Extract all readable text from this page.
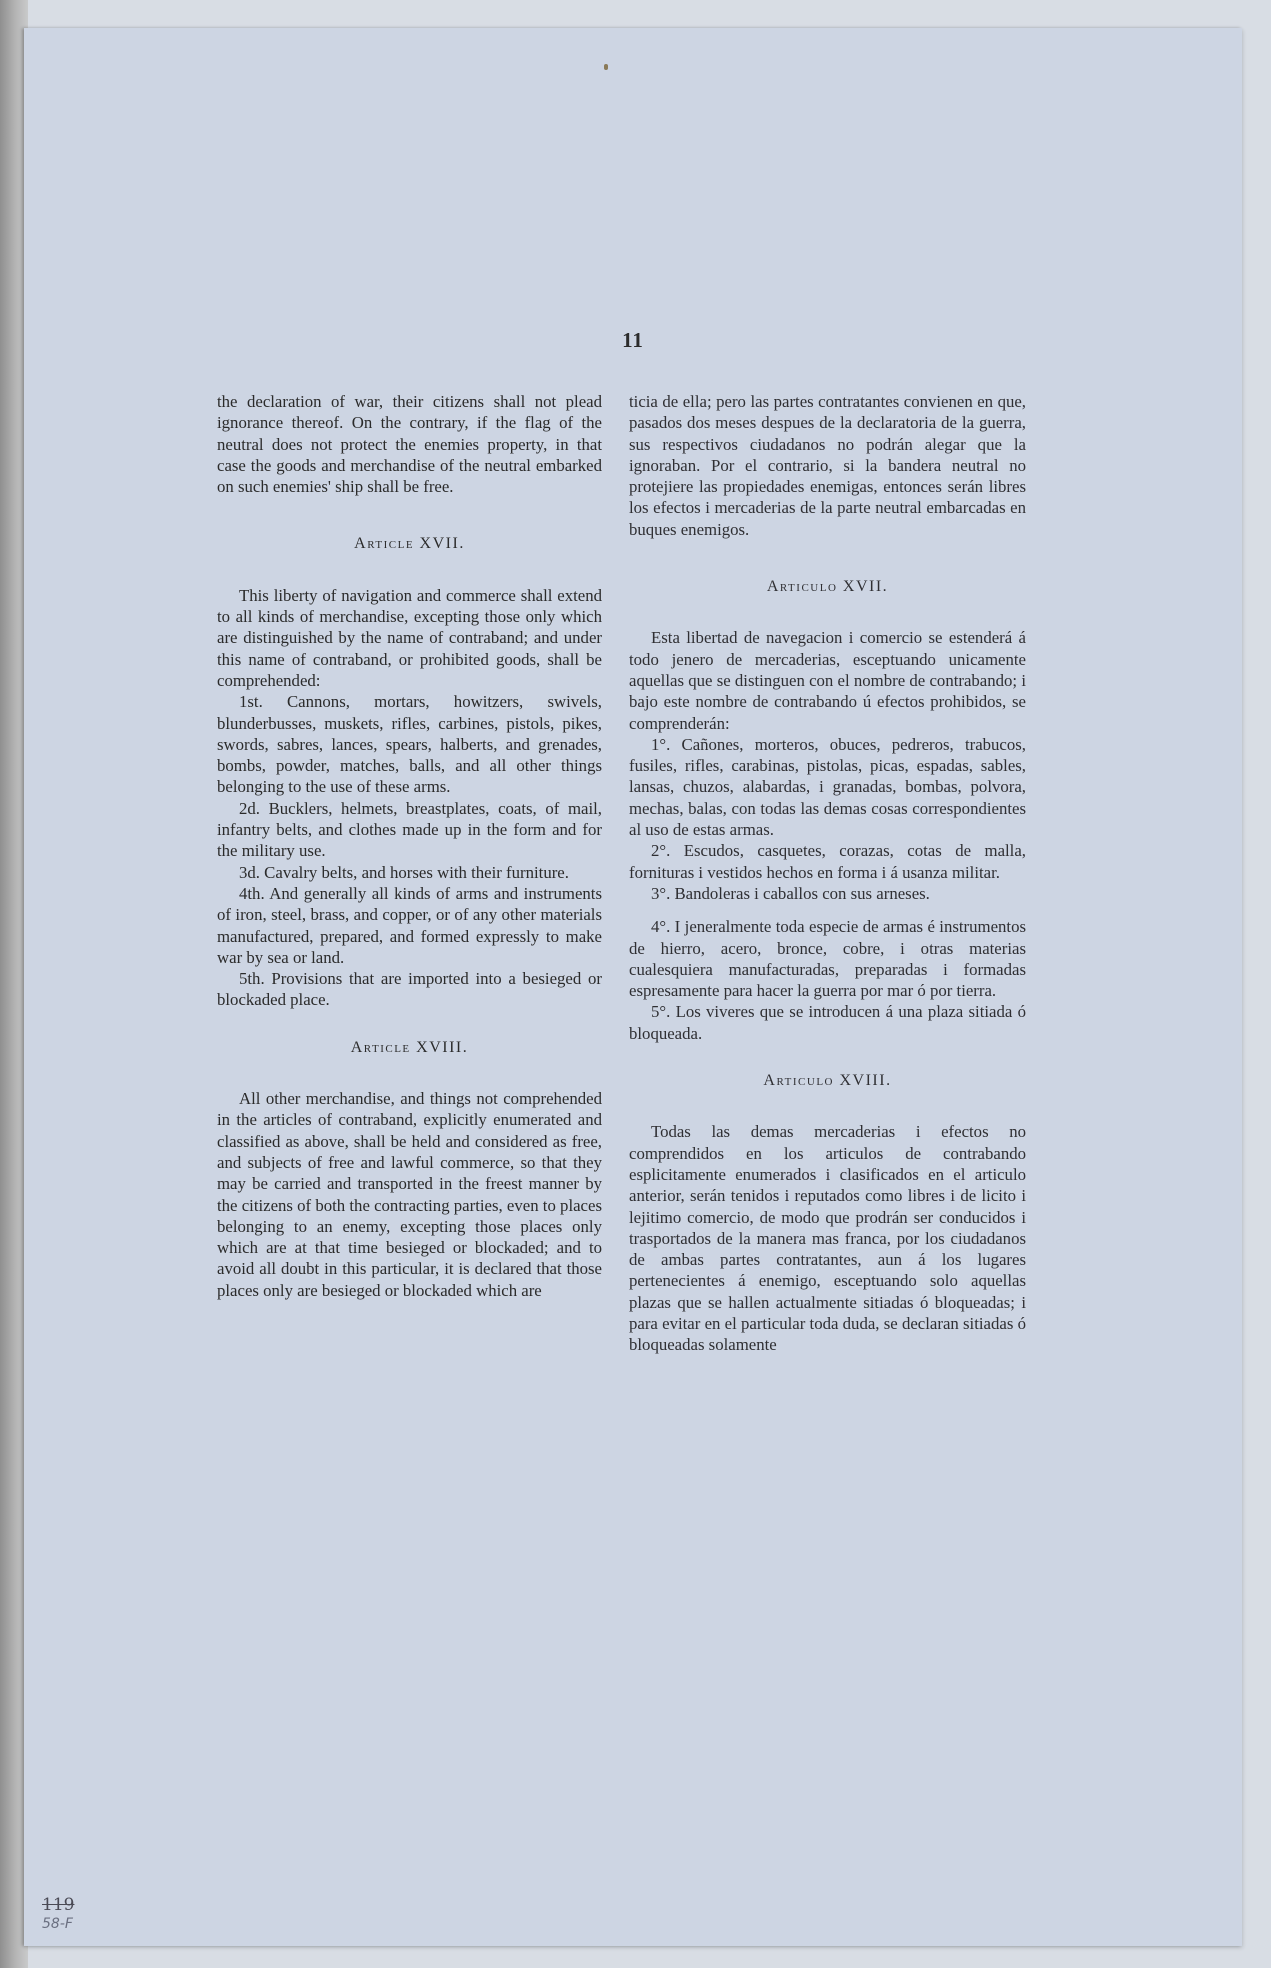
11

the declaration of war, their citizens shall not plead ignorance thereof. On the contrary, if the flag of the neutral does not protect the enemies property, in that case the goods and merchandise of the neutral embarked on such enemies' ship shall be free.

Article XVII.

This liberty of navigation and commerce shall extend to all kinds of merchandise, excepting those only which are distinguished by the name of contraband; and under this name of contraband, or prohibited goods, shall be comprehended:

1st. Cannons, mortars, howitzers, swivels, blunderbusses, muskets, rifles, carbines, pistols, pikes, swords, sabres, lances, spears, halberts, and grenades, bombs, powder, matches, balls, and all other things belonging to the use of these arms.

2d. Bucklers, helmets, breastplates, coats, of mail, infantry belts, and clothes made up in the form and for the military use.

3d. Cavalry belts, and horses with their furniture.

4th. And generally all kinds of arms and instruments of iron, steel, brass, and copper, or of any other materials manufactured, prepared, and formed expressly to make war by sea or land.

5th. Provisions that are imported into a besieged or blockaded place.

Article XVIII.

All other merchandise, and things not comprehended in the articles of contraband, explicitly enumerated and classified as above, shall be held and considered as free, and subjects of free and lawful commerce, so that they may be carried and transported in the freest manner by the citizens of both the contracting parties, even to places belonging to an enemy, excepting those places only which are at that time besieged or blockaded; and to avoid all doubt in this particular, it is declared that those places only are besieged or blockaded which are

ticia de ella; pero las partes contratantes convienen en que, pasados dos meses despues de la declaratoria de la guerra, sus respectivos ciudadanos no podrán alegar que la ignoraban. Por el contrario, si la bandera neutral no protejiere las propiedades enemigas, entonces serán libres los efectos i mercaderias de la parte neutral embarcadas en buques enemigos.

Articulo XVII.

Esta libertad de navegacion i comercio se estenderá á todo jenero de mercaderias, esceptuando unicamente aquellas que se distinguen con el nombre de contrabando; i bajo este nombre de contrabando ú efectos prohibidos, se comprenderán:

1°. Cañones, morteros, obuces, pedreros, trabucos, fusiles, rifles, carabinas, pistolas, picas, espadas, sables, lansas, chuzos, alabardas, i granadas, bombas, polvora, mechas, balas, con todas las demas cosas correspondientes al uso de estas armas.

2°. Escudos, casquetes, corazas, cotas de malla, fornituras i vestidos hechos en forma i á usanza militar.

3°. Bandoleras i caballos con sus arneses.

4°. I jeneralmente toda especie de armas é instrumentos de hierro, acero, bronce, cobre, i otras materias cualesquiera manufacturadas, preparadas i formadas espresamente para hacer la guerra por mar ó por tierra.

5°. Los viveres que se introducen á una plaza sitiada ó bloqueada.

Articulo XVIII.

Todas las demas mercaderias i efectos no comprendidos en los articulos de contrabando esplicitamente enumerados i clasificados en el articulo anterior, serán tenidos i reputados como libres i de licito i lejitimo comercio, de modo que prodrán ser conducidos i trasportados de la manera mas franca, por los ciudadanos de ambas partes contratantes, aun á los lugares pertenecientes á enemigo, esceptuando solo aquellas plazas que se hallen actualmente sitiadas ó bloqueadas; i para evitar en el particular toda duda, se declaran sitiadas ó bloqueadas solamente

119
58-F
